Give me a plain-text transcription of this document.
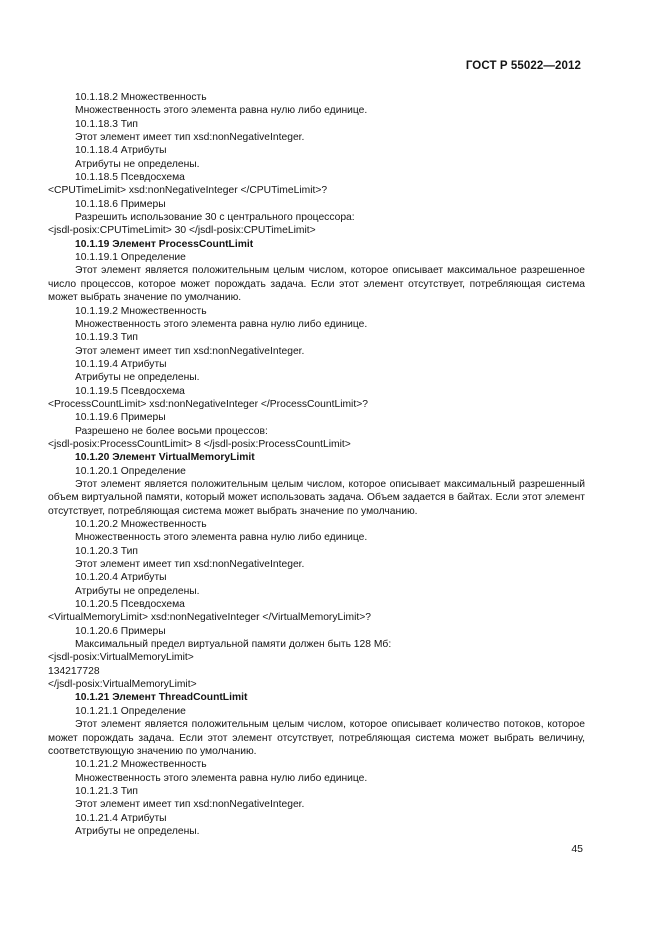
ГОСТ Р 55022—2012

10.1.18.2 Множественность

Множественность этого элемента равна нулю либо единице.

10.1.18.3 Тип

Этот элемент имеет тип xsd:nonNegativeInteger.

10.1.18.4 Атрибуты

Атрибуты не определены.

10.1.18.5 Псевдосхема

<CPUTimeLimit> xsd:nonNegativeInteger </CPUTimeLimit>?

10.1.18.6 Примеры

Разрешить использование 30 с центрального процессора:

<jsdl-posix:CPUTimeLimit> 30 </jsdl-posix:CPUTimeLimit>

10.1.19 Элемент ProcessCountLimit

10.1.19.1 Определение

Этот элемент является положительным целым числом, которое описывает максимальное разрешенное число процессов, которое может порождать задача. Если этот элемент отсутствует, потребляющая система может выбрать значение по умолчанию.

10.1.19.2 Множественность

Множественность этого элемента равна нулю либо единице.

10.1.19.3 Тип

Этот элемент имеет тип xsd:nonNegativeInteger.

10.1.19.4 Атрибуты

Атрибуты не определены.

10.1.19.5 Псевдосхема

<ProcessCountLimit> xsd:nonNegativeInteger </ProcessCountLimit>?

10.1.19.6 Примеры

Разрешено не более восьми процессов:

<jsdl-posix:ProcessCountLimit> 8 </jsdl-posix:ProcessCountLimit>

10.1.20 Элемент VirtualMemoryLimit

10.1.20.1 Определение

Этот элемент является положительным целым числом, которое описывает максимальный разрешенный объем виртуальной памяти, который может использовать задача. Объем задается в байтах. Если этот элемент отсутствует, потребляющая система может выбрать значение по умолчанию.

10.1.20.2 Множественность

Множественность этого элемента равна нулю либо единице.

10.1.20.3 Тип

Этот элемент имеет тип xsd:nonNegativeInteger.

10.1.20.4 Атрибуты

Атрибуты не определены.

10.1.20.5 Псевдосхема

<VirtualMemoryLimit> xsd:nonNegativeInteger </VirtualMemoryLimit>?

10.1.20.6 Примеры

Максимальный предел виртуальной памяти должен быть 128 Мб:

<jsdl-posix:VirtualMemoryLimit>

134217728

</jsdl-posix:VirtualMemoryLimit>

10.1.21 Элемент ThreadCountLimit

10.1.21.1 Определение

Этот элемент является положительным целым числом, которое описывает количество потоков, которое может порождать задача. Если этот элемент отсутствует, потребляющая система может выбрать величину, соответствующую значению по умолчанию.

10.1.21.2 Множественность

Множественность этого элемента равна нулю либо единице.

10.1.21.3 Тип

Этот элемент имеет тип xsd:nonNegativeInteger.

10.1.21.4 Атрибуты

Атрибуты не определены.

45
